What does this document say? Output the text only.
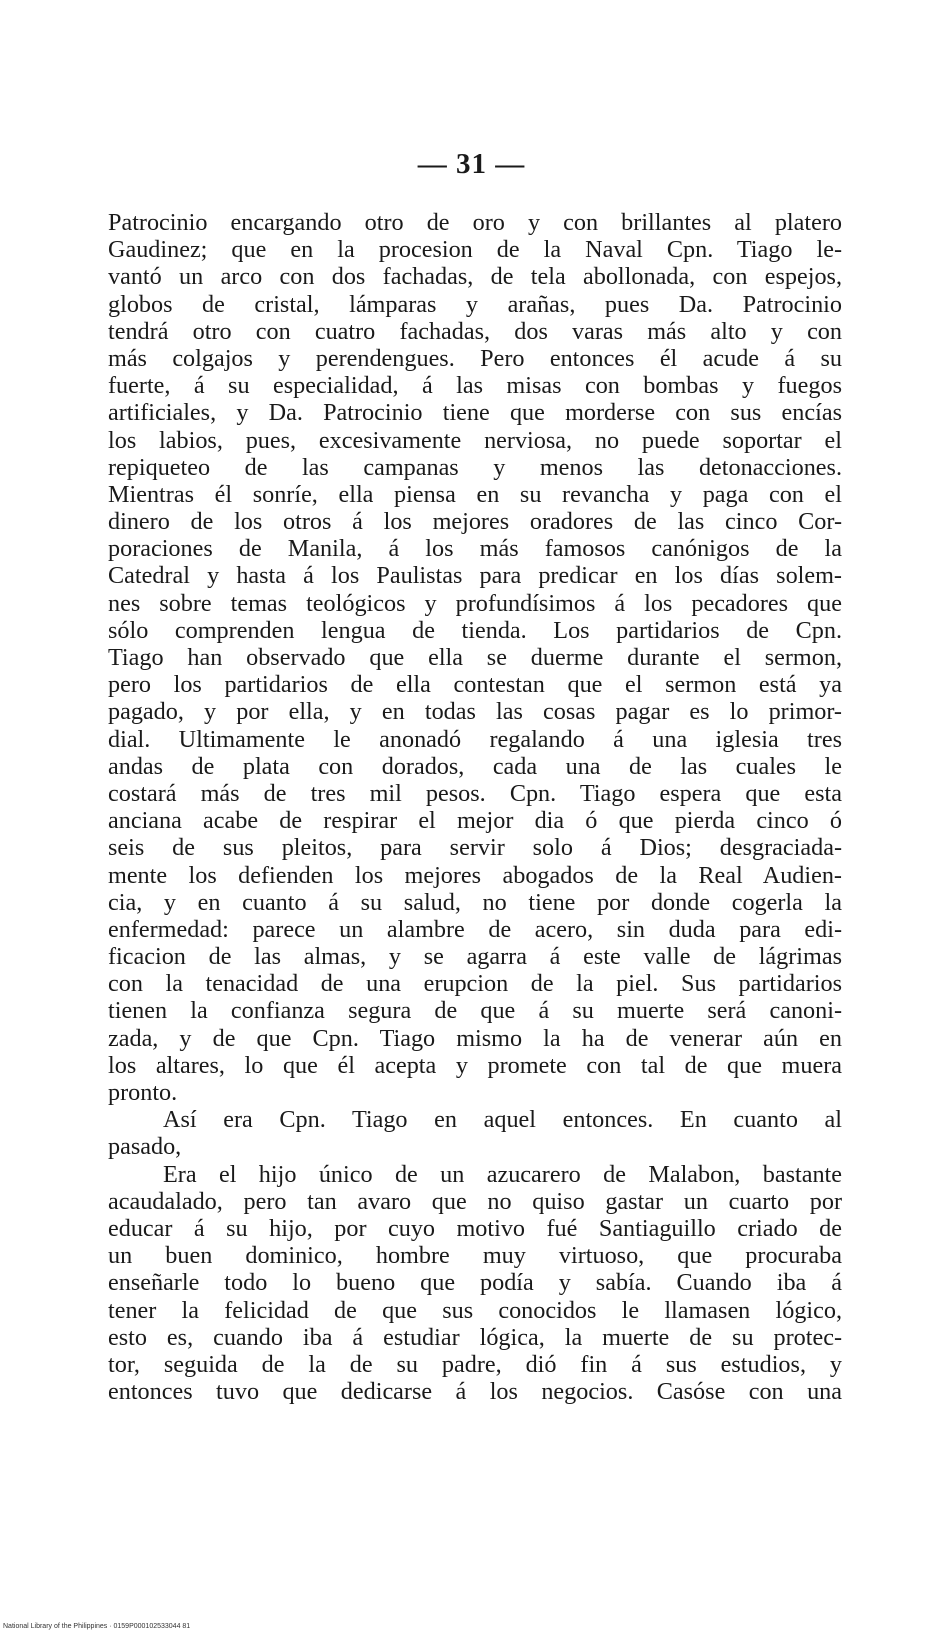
— 31 —
Patrocinio encargando otro de oro y con brillantes al platero
Gaudinez; que en la procesion de la Naval Cpn. Tiago le-
vantó un arco con dos fachadas, de tela abollonada, con espejos,
globos de cristal, lámparas y arañas, pues Da. Patrocinio
tendrá otro con cuatro fachadas, dos varas más alto y con
más colgajos y perendengues. Pero entonces él acude á su
fuerte, á su especialidad, á las misas con bombas y fuegos
artificiales, y Da. Patrocinio tiene que morderse con sus encías
los labios, pues, excesivamente nerviosa, no puede soportar el
repiqueteo de las campanas y menos las detonacciones.
Mientras él sonríe, ella piensa en su revancha y paga con el
dinero de los otros á los mejores oradores de las cinco Cor-
poraciones de Manila, á los más famosos canónigos de la
Catedral y hasta á los Paulistas para predicar en los días solem-
nes sobre temas teológicos y profundísimos á los pecadores que
sólo comprenden lengua de tienda. Los partidarios de Cpn.
Tiago han observado que ella se duerme durante el sermon,
pero los partidarios de ella contestan que el sermon está ya
pagado, y por ella, y en todas las cosas pagar es lo primor-
dial. Ultimamente le anonadó regalando á una iglesia tres
andas de plata con dorados, cada una de las cuales le
costará más de tres mil pesos. Cpn. Tiago espera que esta
anciana acabe de respirar el mejor dia ó que pierda cinco ó
seis de sus pleitos, para servir solo á Dios; desgraciada-
mente los defienden los mejores abogados de la Real Audien-
cia, y en cuanto á su salud, no tiene por donde cogerla la
enfermedad: parece un alambre de acero, sin duda para edi-
ficacion de las almas, y se agarra á este valle de lágrimas
con la tenacidad de una erupcion de la piel. Sus partidarios
tienen la confianza segura de que á su muerte será canoni-
zada, y de que Cpn. Tiago mismo la ha de venerar aún en
los altares, lo que él acepta y promete con tal de que muera
pronto.
Así era Cpn. Tiago en aquel entonces. En cuanto al
pasado,
Era el hijo único de un azucarero de Malabon, bastante
acaudalado, pero tan avaro que no quiso gastar un cuarto por
educar á su hijo, por cuyo motivo fué Santiaguillo criado de
un buen dominico, hombre muy virtuoso, que procuraba
enseñarle todo lo bueno que podía y sabía. Cuando iba á
tener la felicidad de que sus conocidos le llamasen lógico,
esto es, cuando iba á estudiar lógica, la muerte de su protec-
tor, seguida de la de su padre, dió fin á sus estudios, y
entonces tuvo que dedicarse á los negocios. Casóse con una
National Library of the Philippines · 0159P000102533044 81
